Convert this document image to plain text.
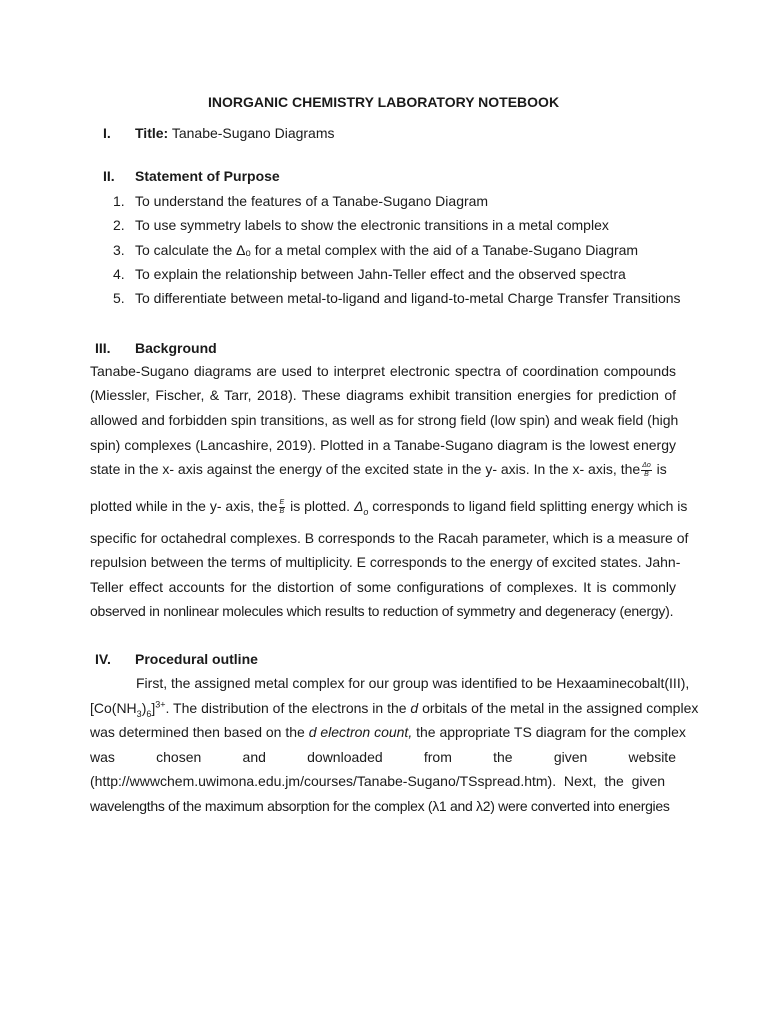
INORGANIC CHEMISTRY LABORATORY NOTEBOOK
I. Title: Tanabe-Sugano Diagrams
II. Statement of Purpose
1. To understand the features of a Tanabe-Sugano Diagram
2. To use symmetry labels to show the electronic transitions in a metal complex
3. To calculate the Δₒ for a metal complex with the aid of a Tanabe-Sugano Diagram
4. To explain the relationship between Jahn-Teller effect and the observed spectra
5. To differentiate between metal-to-ligand and ligand-to-metal Charge Transfer Transitions
III. Background
Tanabe-Sugano diagrams are used to interpret electronic spectra of coordination compounds
(Miessler, Fischer, & Tarr, 2018). These diagrams exhibit transition energies for prediction of
allowed and forbidden spin transitions, as well as for strong field (low spin) and weak field (high
spin) complexes (Lancashire, 2019). Plotted in a Tanabe-Sugano diagram is the lowest energy
state in the x- axis against the energy of the excited state in the y- axis. In the x- axis, the $\frac{\Delta o}{B}$ is
plotted while in the y- axis, the $\frac{E}{B}$ is plotted. $\Delta_o$ corresponds to ligand field splitting energy which is
specific for octahedral complexes. B corresponds to the Racah parameter, which is a measure of
repulsion between the terms of multiplicity. E corresponds to the energy of excited states. Jahn-
Teller effect accounts for the distortion of some configurations of complexes. It is commonly
observed in nonlinear molecules which results to reduction of symmetry and degeneracy (energy).
IV. Procedural outline
First, the assigned metal complex for our group was identified to be Hexaaminecobalt(III),
$[Co(NH_3)_6]^{3+}$. The distribution of the electrons in the d orbitals of the metal in the assigned complex
was determined then based on the d electron count, the appropriate TS diagram for the complex
was	chosen	and	downloaded	from	the	given	website
(http://wwwchem.uwimona.edu.jm/courses/Tanabe-Sugano/TSspread.htm).  Next,  the  given
wavelengths of the maximum absorption for the complex (λ1 and λ2) were converted into energies
